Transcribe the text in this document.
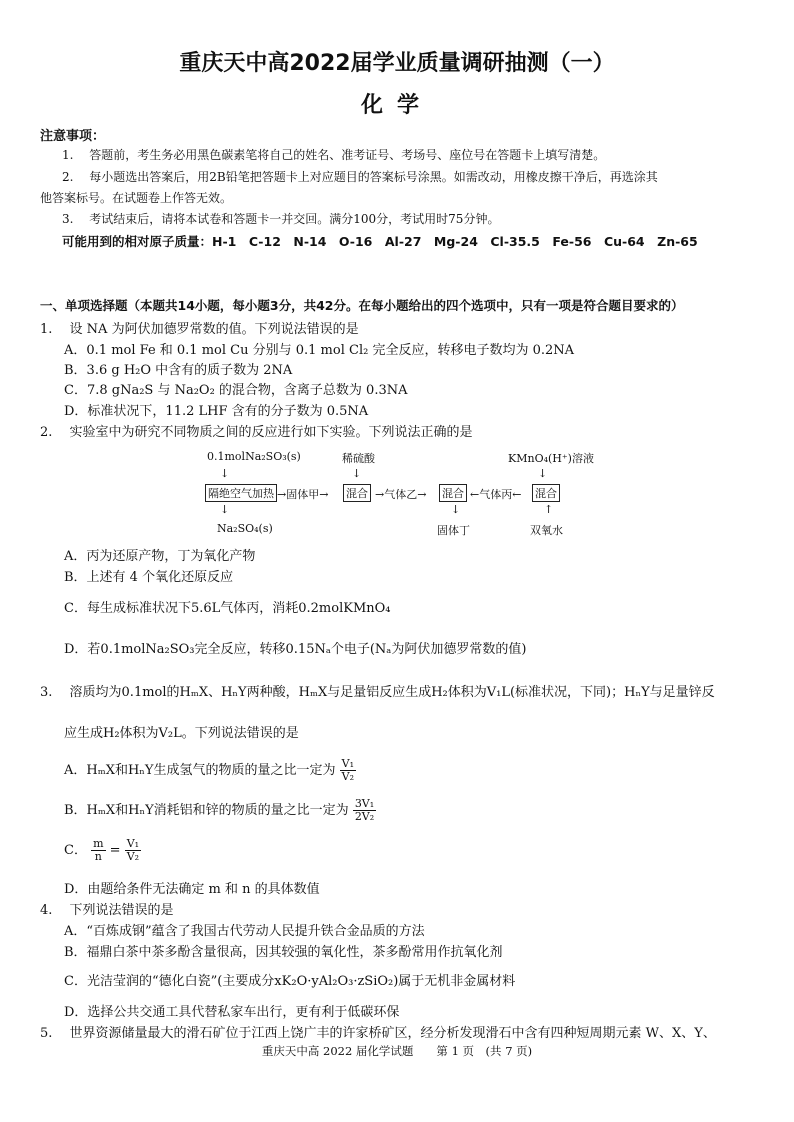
重庆天中高2022届学业质量调研抽测（一）
化学
注意事项：
1.　 答题前，考生务必用黑色碳素笔将自己的姓名、准考证号、考场号、座位号在答题卡上填写清楚。
2.　 每小题选出答案后，用2B铅笔把答题卡上对应题目的答案标号涂黑。如需改动，用橡皮擦干净后，再选涂其
他答案标号。在试题卷上作答无效。
3.　 考试结束后，请将本试卷和答题卡一并交回。满分100分，考试用时75分钟。
可能用到的相对原子质量：H-1　C-12　N-14　O-16　Al-27　Mg-24　Cl-35.5　Fe-56　Cu-64　Zn-65
一、单项选择题（本题共14小题，每小题3分，共42分。在每小题给出的四个选项中，只有一项是符合题目要求的）
1.　 设 NA 为阿伏加德罗常数的值。下列说法错误的是
A．0.1 mol Fe 和 0.1 mol Cu 分别与 0.1 mol Cl₂ 完全反应，转移电子数均为 0.2NA
B．3.6 g H₂O 中含有的质子数为 2NA
C．7.8 gNa₂S 与 Na₂O₂ 的混合物，含离子总数为 0.3NA
D．标准状况下，11.2 LHF 含有的分子数为 0.5NA
2.　 实验室中为研究不同物质之间的反应进行如下实验。下列说法正确的是
0.1molNa₂SO₃(s)	稀硫酸	KMnO₄(H⁺)溶液
↓	↓	↓
隔绝空气加热 →固体甲→ 混合 →气体乙→ 混合 ←气体丙← 混合
↓	↓	↑
Na₂SO₄(s)	固体丁	双氧水
A．丙为还原产物，丁为氧化产物
B．上述有 4 个氧化还原反应
C．每生成标准状况下5.6L气体丙，消耗0.2molKMnO₄
D．若0.1molNa₂SO₃完全反应，转移0.15Nₐ个电子(Nₐ为阿伏加德罗常数的值)
3.　 溶质均为0.1mol的HₘX、HₙY两种酸，HₘX与足量铝反应生成H₂体积为V₁L(标准状况，下同)；HₙY与足量锌反
应生成H₂体积为V₂L。下列说法错误的是
A．HₘX和HₙY生成氢气的物质的量之比一定为 $\frac{\text{V₁}}{\text{V₂}}$
B．HₘX和HₙY消耗铝和锌的物质的量之比一定为 $\frac{\text{3V₁}}{\text{2V₂}}$
C． $\frac{m}{n} = \frac{\text{V₁}}{\text{V₂}}$
D．由题给条件无法确定 m 和 n 的具体数值
4.　 下列说法错误的是
A．“百炼成钢”蕴含了我国古代劳动人民提升铁合金品质的方法
B．福鼎白茶中茶多酚含量很高，因其较强的氧化性，茶多酚常用作抗氧化剂
C．光洁莹润的“德化白瓷”(主要成分xK₂O·yAl₂O₃·zSiO₂)属于无机非金属材料
D．选择公共交通工具代替私家车出行，更有利于低碳环保
5.　 世界资源储量最大的滑石矿位于江西上饶广丰的许家桥矿区，经分析发现滑石中含有四种短周期元素 W、X、Y、
重庆天中高 2022 届化学试题　　第 1 页　(共 7 页)
